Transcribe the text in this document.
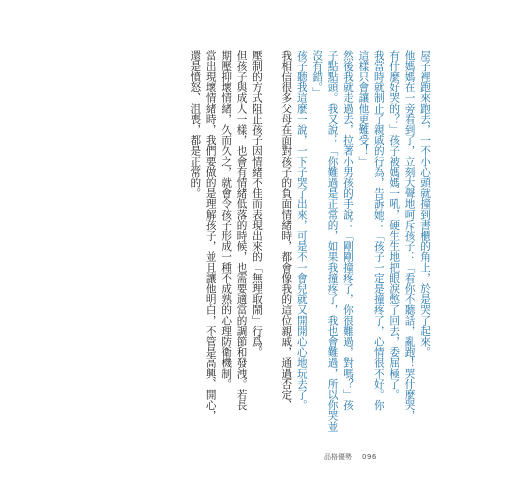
屋子裡跑來跑去，一不小心頭就撞到書櫃的角上，於是哭了起來。

他媽媽在一旁看到了，立刻大聲地呵斥孩子：「看你不聽話，亂跑！哭什麼哭，

有什麼好哭的？」孩子被媽媽一吼，硬生生地把眼淚憋了回去，委屈極了。

我當時就制止了親戚的行為，告訴她：「孩子一定是撞疼了，心情很不好。你

這樣只會讓他更難受！」

然後我就走過去，拉著小男孩的手說：「剛剛撞疼了，你很難過，對嗎？」孩

子點點頭。我又說：「你難過是正常的，如果我撞疼了，我也會難過，所以你哭並

沒有錯。」

孩子聽我這麼一說，一下子哭了出來，可是不一會兒就又開開心心地玩去了。

我相信很多父母在面對孩子的負面情緒時，都會像我的這位親戚，通過否定、

壓制的方式阻止孩子因情緒不佳而表現出來的「無理取鬧」行爲。

但孩子與成人一樣，也會有情緒低落的時候，也需要適當的調節和發洩。若長

期壓抑壞情緒，久而久之，就會令孩子形成一種不成熟的心理防衛機制。

當出現壞情緒時，我們要做的是理解孩子，並且讓他明白，不管是高興、開心，

還是憤怒、沮喪，都是正常的。

品格優勢 096
